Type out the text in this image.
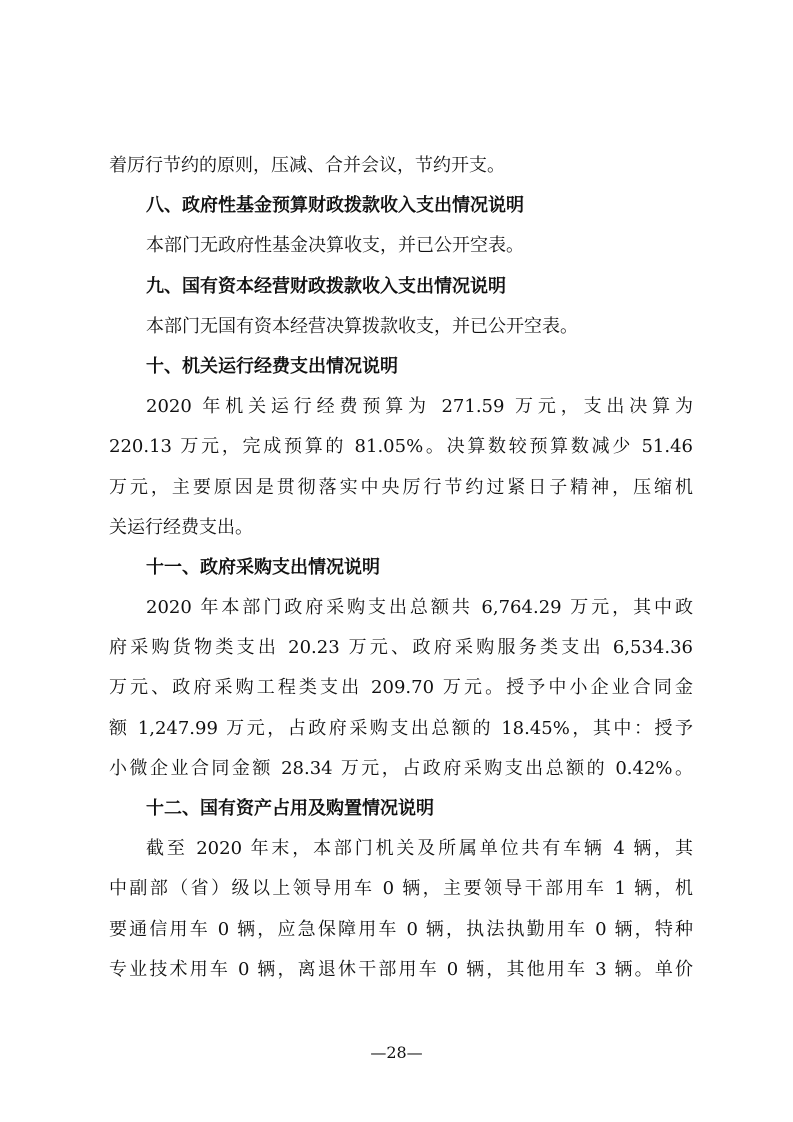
着厉行节约的原则，压减、合并会议，节约开支。
八、政府性基金预算财政拨款收入支出情况说明
本部门无政府性基金决算收支，并已公开空表。
九、国有资本经营财政拨款收入支出情况说明
本部门无国有资本经营决算拨款收支，并已公开空表。
十、机关运行经费支出情况说明
2020 年机关运行经费预算为 271.59 万元，支出决算为
220.13 万元，完成预算的 81.05%。决算数较预算数减少 51.46
万元，主要原因是贯彻落实中央厉行节约过紧日子精神，压缩机
关运行经费支出。
十一、政府采购支出情况说明
2020 年本部门政府采购支出总额共 6,764.29 万元，其中政
府采购货物类支出 20.23 万元、政府采购服务类支出 6,534.36
万元、政府采购工程类支出 209.70 万元。授予中小企业合同金
额 1,247.99 万元，占政府采购支出总额的 18.45%，其中：授予
小微企业合同金额 28.34 万元，占政府采购支出总额的 0.42%。
十二、国有资产占用及购置情况说明
截至 2020 年末，本部门机关及所属单位共有车辆 4 辆，其
中副部（省）级以上领导用车 0 辆，主要领导干部用车 1 辆，机
要通信用车 0 辆，应急保障用车 0 辆，执法执勤用车 0 辆，特种
专业技术用车 0 辆，离退休干部用车 0 辆，其他用车 3 辆。单价
—28—
